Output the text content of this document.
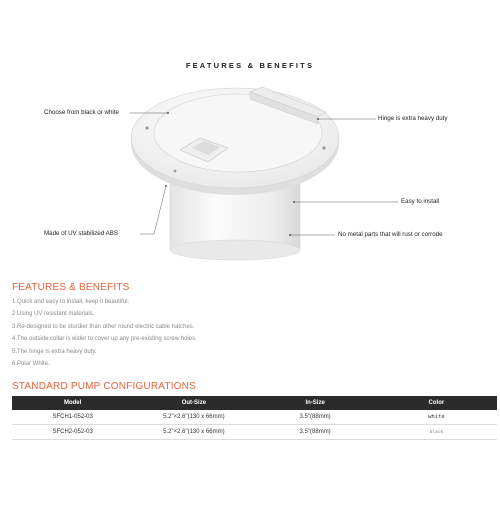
FEATURES & BENEFITS
Choose from black or white
Hinge is extra heavy duty
Easy to install
Made of UV stabilized ABS	No metal parts that will rust or corrode
FEATURES & BENEFITS
1.Quick and easy to install, keep it beautiful.
2.Using UV resistant materials.
3.Re-designed to be sturdier than other round electric cable hatches.
4.The outside collar is wider to cover up any pre-existing screw holes.
5.The hinge is extra heavy duty.
6.Polar White.
STANDARD PUMP CONFIGURATIONS
Model	Out-Size	In-Size	Color
SFCH1-052-03	5.2"×2.6"(130 x 66mm)	3.5"(88mm)	white
SFCH2-052-03	5.2"×2.6"(130 x 66mm)	3.5"(88mm)	black
